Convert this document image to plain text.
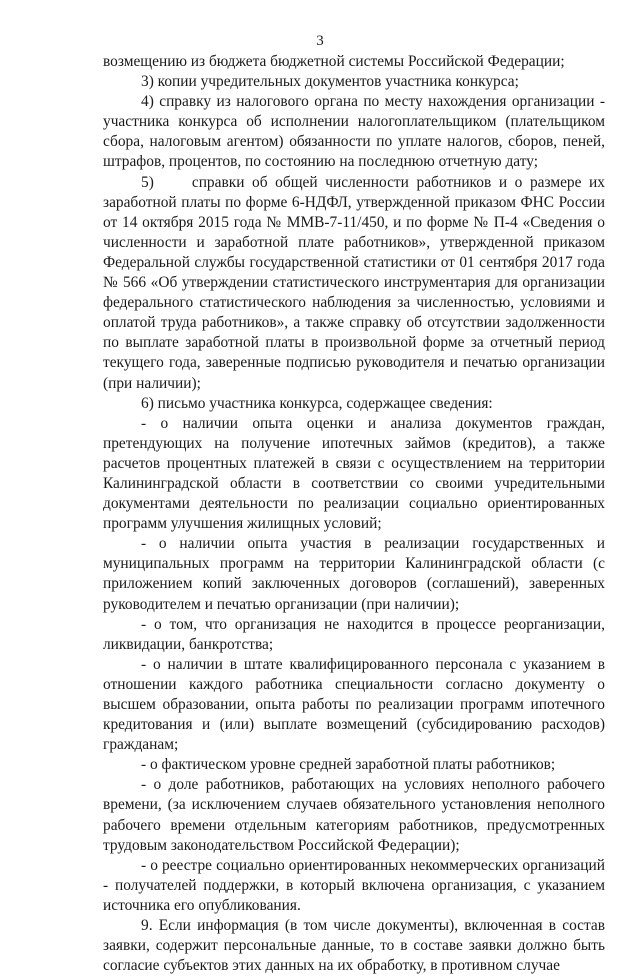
3

возмещению из бюджета бюджетной системы Российской Федерации;

3) копии учредительных документов участника конкурса;

4) справку из налогового органа по месту нахождения организации - участника конкурса об исполнении налогоплательщиком (плательщиком сбора, налоговым агентом) обязанности по уплате налогов, сборов, пеней, штрафов, процентов, по состоянию на последнюю отчетную дату;

5)     справки об общей численности работников и о размере их заработной платы по форме 6-НДФЛ, утвержденной приказом ФНС России от 14 октября 2015 года № ММВ-7-11/450, и по форме № П-4 «Сведения о численности и заработной плате работников», утвержденной приказом Федеральной службы государственной статистики от 01 сентября 2017 года № 566 «Об утверждении статистического инструментария для организации федерального статистического наблюдения за численностью, условиями и оплатой труда работников», а также справку об отсутствии задолженности по выплате заработной платы в произвольной форме за отчетный период текущего года, заверенные подписью руководителя и печатью организации (при наличии);

6) письмо участника конкурса, содержащее сведения:

- о наличии опыта оценки и анализа документов граждан, претендующих на получение ипотечных займов (кредитов), а также расчетов процентных платежей в связи с осуществлением на территории Калининградской области в соответствии со своими учредительными документами деятельности по реализации социально ориентированных программ улучшения жилищных условий;

- о наличии опыта участия в реализации государственных и муниципальных программ на территории Калининградской области (с приложением копий заключенных договоров (соглашений), заверенных руководителем и печатью организации (при наличии);

- о том, что организация не находится в процессе реорганизации, ликвидации, банкротства;

- о наличии в штате квалифицированного персонала с указанием в отношении каждого работника специальности согласно документу о высшем образовании, опыта работы по реализации программ ипотечного кредитования и (или) выплате возмещений (субсидированию расходов) гражданам;

- о фактическом уровне средней заработной платы работников;

- о доле работников, работающих на условиях неполного рабочего времени, (за исключением случаев обязательного установления неполного рабочего времени отдельным категориям работников, предусмотренных трудовым законодательством Российской Федерации);

- о реестре социально ориентированных некоммерческих организаций - получателей поддержки, в который включена организация, с указанием источника его опубликования.

9. Если информация (в том числе документы), включенная в состав заявки, содержит персональные данные, то в составе заявки должно быть согласие субъектов этих данных на их обработку, в противном случае
